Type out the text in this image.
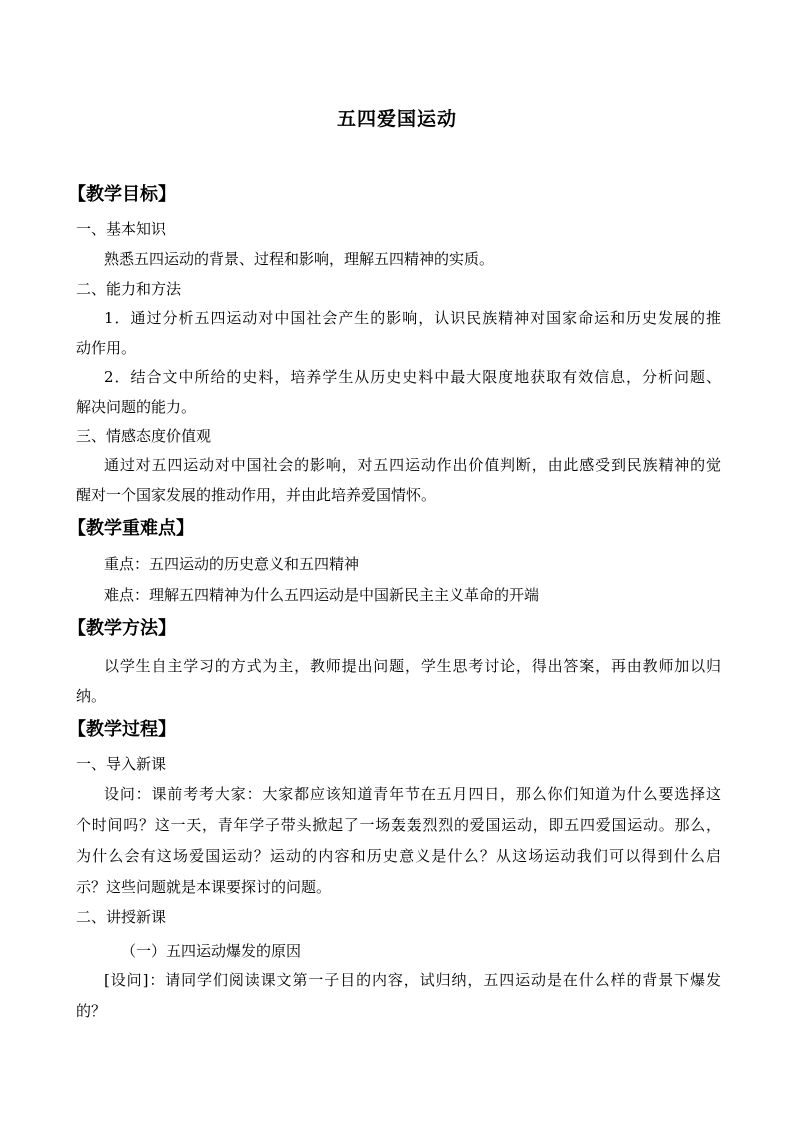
五四爱国运动
【教学目标】
一、基本知识
熟悉五四运动的背景、过程和影响，理解五四精神的实质。
二、能力和方法
1．通过分析五四运动对中国社会产生的影响，认识民族精神对国家命运和历史发展的推
动作用。
2．结合文中所给的史料，培养学生从历史史料中最大限度地获取有效信息，分析问题、
解决问题的能力。
三、情感态度价值观
通过对五四运动对中国社会的影响，对五四运动作出价值判断，由此感受到民族精神的觉
醒对一个国家发展的推动作用，并由此培养爱国情怀。
【教学重难点】
重点：五四运动的历史意义和五四精神
难点：理解五四精神为什么五四运动是中国新民主主义革命的开端
【教学方法】
以学生自主学习的方式为主，教师提出问题，学生思考讨论，得出答案，再由教师加以归
纳。
【教学过程】
一、导入新课
设问：课前考考大家：大家都应该知道青年节在五月四日，那么你们知道为什么要选择这
个时间吗？这一天，青年学子带头掀起了一场轰轰烈烈的爱国运动，即五四爱国运动。那么，
为什么会有这场爱国运动？运动的内容和历史意义是什么？从这场运动我们可以得到什么启
示？这些问题就是本课要探讨的问题。
二、讲授新课
（一）五四运动爆发的原因
[设问]：请同学们阅读课文第一子目的内容，试归纳，五四运动是在什么样的背景下爆发
的？
